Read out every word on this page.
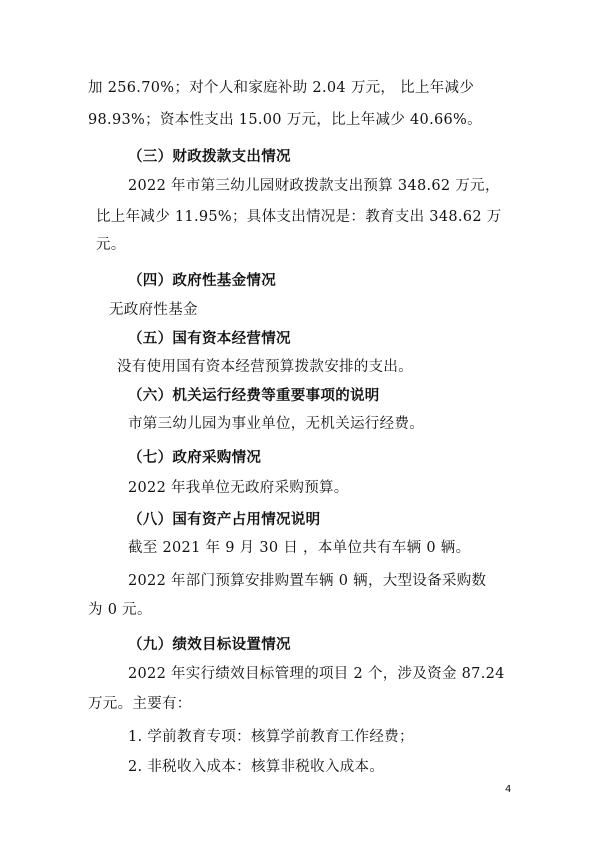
加 256.70%；对个人和家庭补助 2.04 万元， 比上年减少
98.93%；资本性支出 15.00 万元，比上年减少 40.66%。
（三）财政拨款支出情况
2022 年市第三幼儿园财政拨款支出预算 348.62 万元，
比上年减少 11.95%；具体支出情况是：教育支出 348.62 万
元。
（四）政府性基金情况
无政府性基金
（五）国有资本经营情况
没有使用国有资本经营预算拨款安排的支出。
（六）机关运行经费等重要事项的说明
市第三幼儿园为事业单位，无机关运行经费。
（七）政府采购情况
2022 年我单位无政府采购预算。
（八）国有资产占用情况说明
截至 2021 年 9 月 30 日 ，本单位共有车辆 0 辆。
2022 年部门预算安排购置车辆 0 辆，大型设备采购数
为 0 元。
（九）绩效目标设置情况
2022 年实行绩效目标管理的项目 2 个，涉及资金 87.24
万元。主要有：
1. 学前教育专项：核算学前教育工作经费；
2. 非税收入成本：核算非税收入成本。
4
